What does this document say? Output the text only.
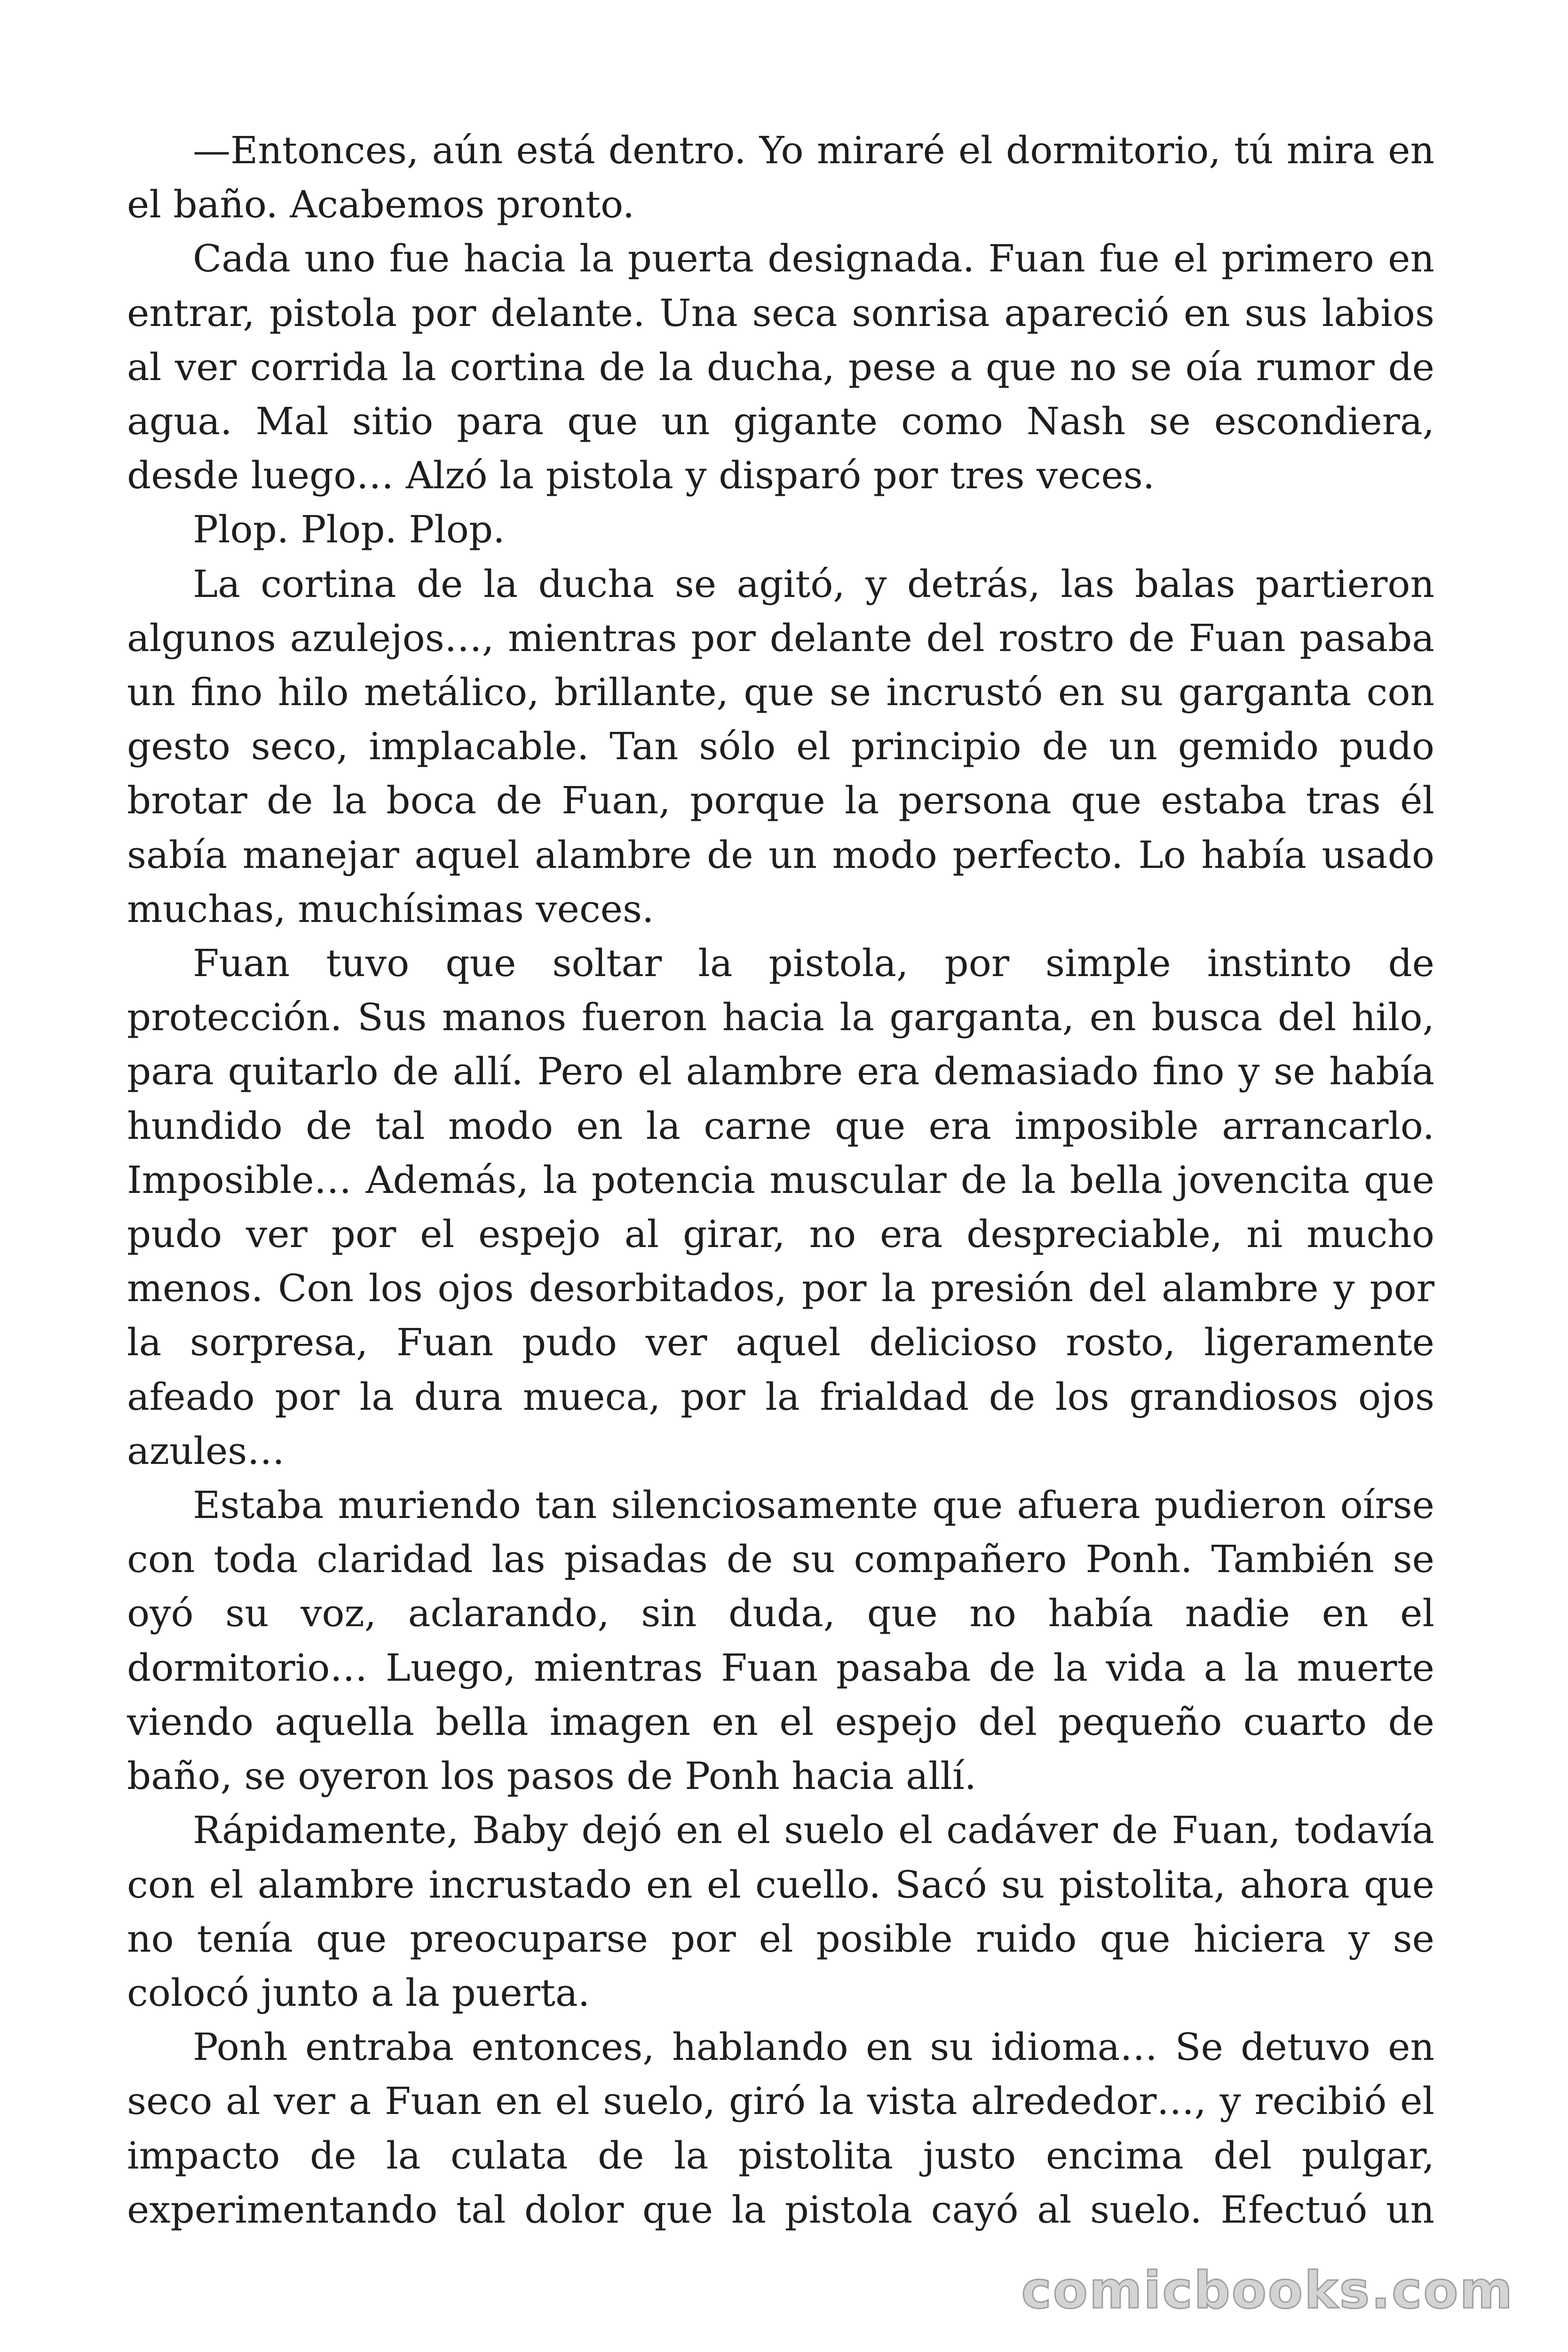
—Entonces, aún está dentro. Yo miraré el dormitorio, tú mira en el baño. Acabemos pronto.

Cada uno fue hacia la puerta designada. Fuan fue el primero en entrar, pistola por delante. Una seca sonrisa apareció en sus labios al ver corrida la cortina de la ducha, pese a que no se oía rumor de agua. Mal sitio para que un gigante como Nash se escondiera, desde luego… Alzó la pistola y disparó por tres veces.

Plop. Plop. Plop.

La cortina de la ducha se agitó, y detrás, las balas partieron algunos azulejos…, mientras por delante del rostro de Fuan pasaba un fino hilo metálico, brillante, que se incrustó en su garganta con gesto seco, implacable. Tan sólo el principio de un gemido pudo brotar de la boca de Fuan, porque la persona que estaba tras él sabía manejar aquel alambre de un modo perfecto. Lo había usado muchas, muchísimas veces.

Fuan tuvo que soltar la pistola, por simple instinto de protección. Sus manos fueron hacia la garganta, en busca del hilo, para quitarlo de allí. Pero el alambre era demasiado fino y se había hundido de tal modo en la carne que era imposible arrancarlo. Imposible… Además, la potencia muscular de la bella jovencita que pudo ver por el espejo al girar, no era despreciable, ni mucho menos. Con los ojos desorbitados, por la presión del alambre y por la sorpresa, Fuan pudo ver aquel delicioso rosto, ligeramente afeado por la dura mueca, por la frialdad de los grandiosos ojos azules…

Estaba muriendo tan silenciosamente que afuera pudieron oírse con toda claridad las pisadas de su compañero Ponh. También se oyó su voz, aclarando, sin duda, que no había nadie en el dormitorio… Luego, mientras Fuan pasaba de la vida a la muerte viendo aquella bella imagen en el espejo del pequeño cuarto de baño, se oyeron los pasos de Ponh hacia allí.

Rápidamente, Baby dejó en el suelo el cadáver de Fuan, todavía con el alambre incrustado en el cuello. Sacó su pistolita, ahora que no tenía que preocuparse por el posible ruido que hiciera y se colocó junto a la puerta.

Ponh entraba entonces, hablando en su idioma… Se detuvo en seco al ver a Fuan en el suelo, giró la vista alrededor…, y recibió el impacto de la culata de la pistolita justo encima del pulgar, experimentando tal dolor que la pistola cayó al suelo. Efectuó un

comicbooks.com
